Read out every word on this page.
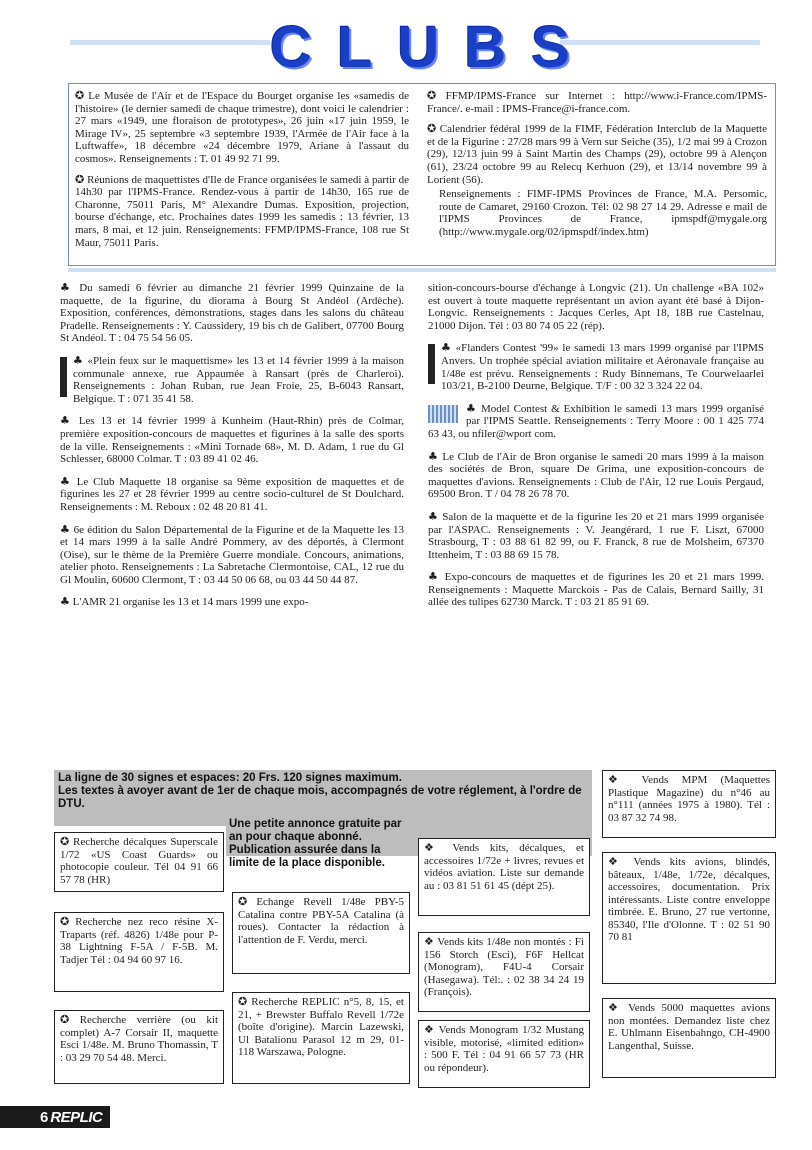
C L U B S

✪ Le Musée de l'Air et de l'Espace du Bourget organise les «samedis de l'histoire» (le dernier samedi de chaque trimestre), dont voici le calendrier : 27 mars «1949, une floraison de prototypes», 26 juin «17 juin 1959, le Mirage IV», 25 septembre «3 septembre 1939, l'Armée de l'Air face à la Luftwaffe», 18 décembre «24 décembre 1979, Ariane à l'assaut du cosmos». Renseignements : T. 01 49 92 71 99.

✪ Réunions de maquettistes d'Ile de France organisées le samedi à partir de 14h30 par l'IPMS-France. Rendez-vous à partir de 14h30, 165 rue de Charonne, 75011 Paris, M° Alexandre Dumas. Exposition, projection, bourse d'échange, etc. Prochaines dates 1999 les samedis : 13 février, 13 mars, 8 mai, et 12 juin. Renseignements: FFMP/IPMS-France, 108 rue St Maur, 75011 Paris.

✪ FFMP/IPMS-France sur Internet : http://www.i-France.com/IPMS-France/. e-mail : IPMS-France@i-france.com.

✪ Calendrier fédéral 1999 de la FIMF, Fédération Interclub de la Maquette et de la Figurine : 27/28 mars 99 à Vern sur Seiche (35), 1/2 mai 99 à Crozon (29), 12/13 juin 99 à Saint Martin des Champs (29), octobre 99 à Alençon (61), 23/24 octobre 99 au Relecq Kerhuon (29), et 13/14 novembre 99 à Lorient (56).

Renseignements : FIMF-IPMS Provinces de France, M.A. Persomic, route de Camaret, 29160 Crozon. Tél: 02 98 27 14 29. Adresse e mail de l'IPMS Provinces de France, ipmspdf@mygale.org (http://www.mygale.org/02/ipmspdf/index.htm)

♣ Du samedi 6 février au dimanche 21 février 1999 Quinzaine de la maquette, de la figurine, du diorama à Bourg St Andéol (Ardèche). Exposition, conférences, démonstrations, stages dans les salons du château Pradelle. Renseignements : Y. Caussidery, 19 bis ch de Galibert, 07700 Bourg St Andéol. T : 04 75 54 56 05.

♣ «Plein feux sur le maquettisme» les 13 et 14 février 1999 à la maison communale annexe, rue Appaumée à Ransart (près de Charleroi). Renseignements : Johan Ruban, rue Jean Froie, 25, B-6043 Ransart, Belgique. T : 071 35 41 58.

♣ Les 13 et 14 février 1999 à Kunheim (Haut-Rhin) près de Colmar, première exposition-concours de maquettes et figurines à la salle des sports de la ville. Renseignements : «Mini Tornade 68», M. D. Adam, 1 rue du Gl Schlesser, 68000 Colmar. T : 03 89 41 02 46.

♣ Le Club Maquette 18 organise sa 9ème exposition de maquettes et de figurines les 27 et 28 février 1999 au centre socio-culturel de St Doulchard. Renseignements : M. Reboux : 02 48 20 81 41.

♣ 6e édition du Salon Départemental de la Figurine et de la Maquette les 13 et 14 mars 1999 à la salle André Pommery, av des déportés, à Clermont (Oise), sur le thème de la Première Guerre mondiale. Concours, animations, atelier photo. Renseignements : La Sabretache Clermontoise, CAL, 12 rue du Gl Moulin, 60600 Clermont, T : 03 44 50 06 68, ou 03 44 50 44 87.

♣ L'AMR 21 organise les 13 et 14 mars 1999 une expo-

sition-concours-bourse d'échange à Longvic (21). Un challenge «BA 102» est ouvert à toute maquette représentant un avion ayant été basé à Dijon-Longvic. Renseignements : Jacques Cerles, Apt 18, 18B rue Castelnau, 21000 Dijon. Tél : 03 80 74 05 22 (rép).

♣ «Flanders Contest '99» le samedi 13 mars 1999 organisé par l'IPMS Anvers. Un trophée spécial aviation militaire et Aéronavale française au 1/48e est prévu. Renseignements : Rudy Binnemans, Te Courwelaarlei 103/21, B-2100 Deurne, Belgique. T/F : 00 32 3 324 22 04.

♣ Model Contest & Exhibition le samedi 13 mars 1999 organisé par l'IPMS Seattle. Renseignements : Terry Moore : 00 1 425 774 63 43, ou nfiler@wport com.

♣ Le Club de l'Air de Bron organise le samedi 20 mars 1999 à la maison des sociétés de Bron, square De Grima, une exposition-concours de maquettes d'avions. Renseignements : Club de l'Air, 12 rue Louis Pergaud, 69500 Bron. T / 04 78 26 78 70.

♣ Salon de la maquette et de la figurine les 20 et 21 mars 1999 organisée par l'ASPAC. Renseignements : V. Jeangérard, 1 rue F. Liszt, 67000 Strasbourg, T : 03 88 61 82 99, ou F. Franck, 8 rue de Molsheim, 67370 Ittenheim, T : 03 88 69 15 78.

♣ Expo-concours de maquettes et de figurines les 20 et 21 mars 1999. Renseignements : Maquette Marckois - Pas de Calais, Bernard Sailly, 31 allée des tulipes 62730 Marck. T : 03 21 85 91 69.

La ligne de 30 signes et espaces: 20 Frs. 120 signes maximum.
Les textes à avoyer avant de 1er de chaque mois, accompagnés de votre réglement, à l'ordre de DTU.
Une petite annonce gratuite par an pour chaque abonné. Publication assurée dans la limite de la place disponible.
✪ Recherche décalques Superscale 1/72 «US Coast Guards» ou photocopie couleur. Tél 04 91 66 57 78 (HR)
✪ Recherche nez reco résine X-Traparts (réf. 4826) 1/48e pour P-38 Lightning F-5A / F-5B. M. Tadjer Tél : 04 94 60 97 16.
✪ Recherche verrière (ou kit complet) A-7 Corsair II, maquette Esci 1/48e. M. Bruno Thomassin, T : 03 29 70 54 48. Merci.
✪ Echange Revell 1/48e PBY-5 Catalina contre PBY-5A Catalina (à roues). Contacter la rédaction à l'attention de F. Verdu, merci.
✪ Recherche REPLIC n°5, 8, 15, et 21, + Brewster Buffalo Revell 1/72e (boîte d'origine). Marcin Lazewski, Ul Batalionu Parasol 12 m 29, 01-118 Warszawa, Pologne.
❖ Vends kits, décalques, et accessoires 1/72e + livres, revues et vidéos aviation. Liste sur demande au : 03 81 51 61 45 (dépt 25).
❖ Vends kits 1/48e non montés : Fi 156 Storch (Esci), F6F Hellcat (Monogram), F4U-4 Corsair (Hasegawa). Tél:. : 02 38 34 24 19 (François).
❖ Vends Monogram 1/32 Mustang visible, motorisé, «limited edition» : 500 F. Tél : 04 91 66 57 73 (HR ou répondeur).
❖ Vends MPM (Maquettes Plastique Magazine) du n°46 au n°111 (années 1975 à 1980). Tél : 03 87 32 74 98.
❖ Vends kits avions, blindés, bâteaux, 1/48e, 1/72e, décalques, accessoires, documentation. Prix intéressants. Liste contre enveloppe timbrée. E. Bruno, 27 rue vertonne, 85340, l'Ile d'Olonne. T : 02 51 90 70 81
❖ Vends 5000 maquettes avions non montées. Demandez liste chez E. Uhlmann Eisenbahngo, CH-4900 Langenthal, Suisse.
6 REPLIC
